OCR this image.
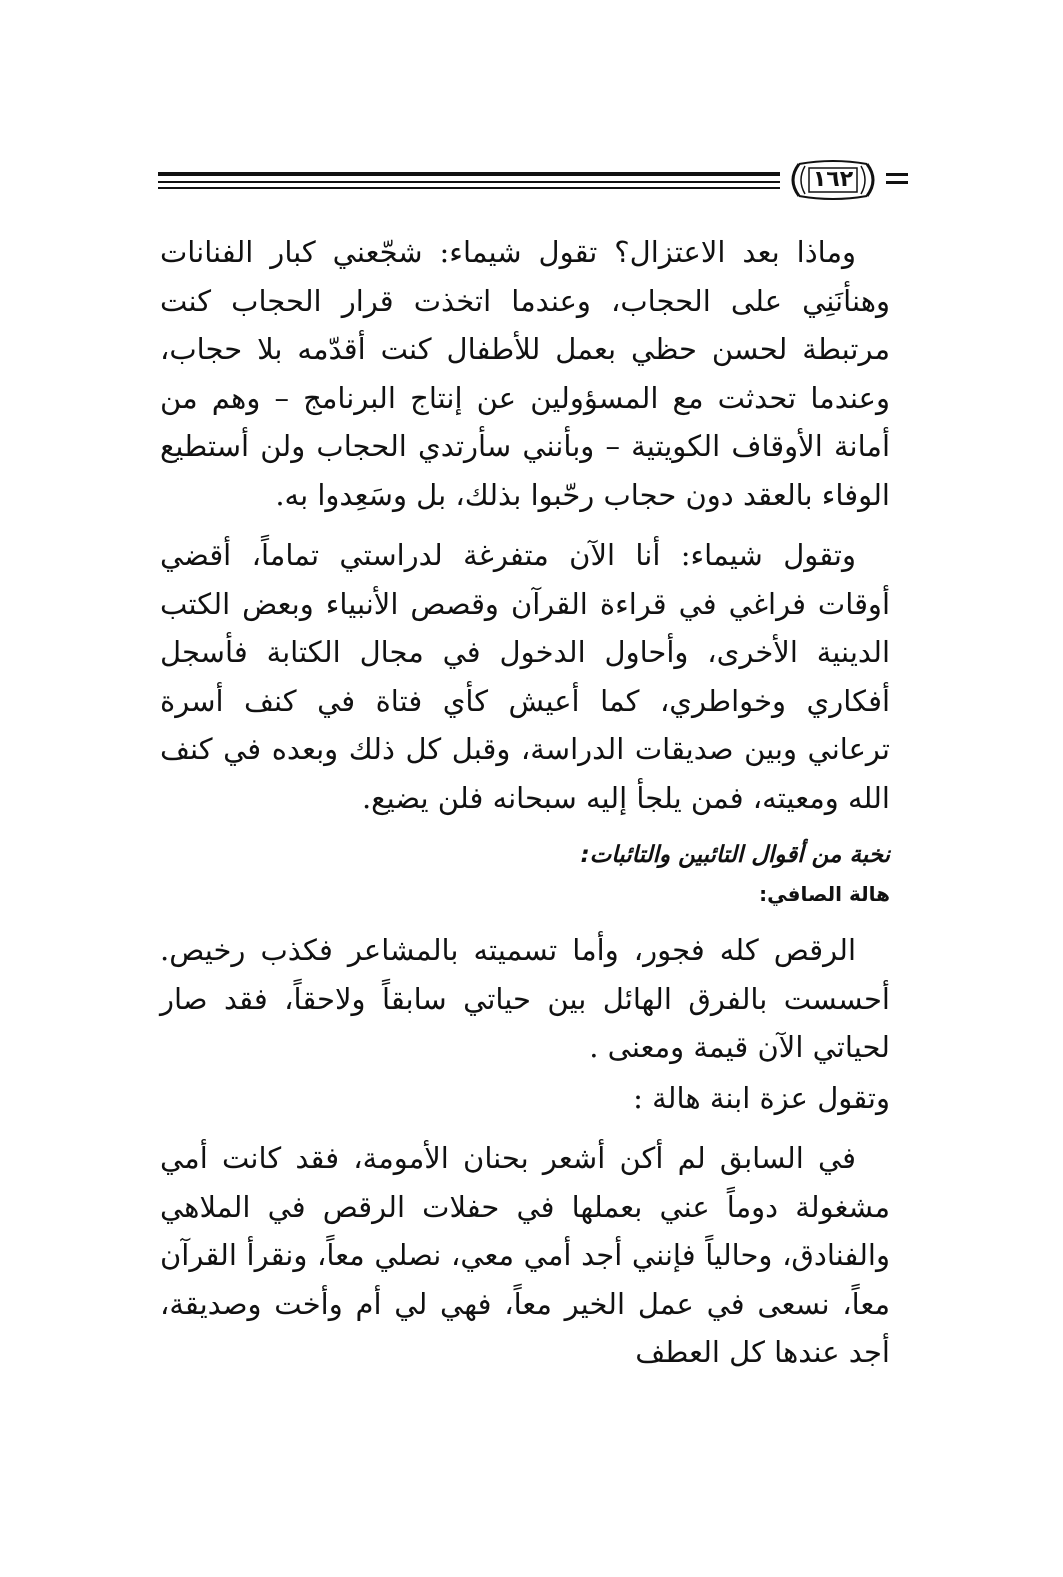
١٦٢

وماذا بعد الاعتزال؟ تقول شيماء: شجّعني كبار الفنانات وهنأنَنِي على الحجاب، وعندما اتخذت قرار الحجاب كنت مرتبطة لحسن حظي بعمل للأطفال كنت أقدّمه بلا حجاب، وعندما تحدثت مع المسؤولين عن إنتاج البرنامج – وهم من أمانة الأوقاف الكويتية – وبأنني سأرتدي الحجاب ولن أستطيع الوفاء بالعقد دون حجاب رحّبوا بذلك، بل وسَعِدوا به.

وتقول شيماء: أنا الآن متفرغة لدراستي تماماً، أقضي أوقات فراغي في قراءة القرآن وقصص الأنبياء وبعض الكتب الدينية الأخرى، وأحاول الدخول في مجال الكتابة فأسجل أفكاري وخواطري، كما أعيش كأي فتاة في كنف أسرة ترعاني وبين صديقات الدراسة، وقبل كل ذلك وبعده في كنف الله ومعيته، فمن يلجأ إليه سبحانه فلن يضيع.

نخبة من أقوال التائبين والتائبات:
هالة الصافي:

الرقص كله فجور، وأما تسميته بالمشاعر فكذب رخيص. أحسست بالفرق الهائل بين حياتي سابقاً ولاحقاً، فقد صار لحياتي الآن قيمة ومعنى .

وتقول عزة ابنة هالة :

في السابق لم أكن أشعر بحنان الأمومة، فقد كانت أمي مشغولة دوماً عني بعملها في حفلات الرقص في الملاهي والفنادق، وحالياً فإنني أجد أمي معي، نصلي معاً، ونقرأ القرآن معاً، نسعى في عمل الخير معاً، فهي لي أم وأخت وصديقة، أجد عندها كل العطف
